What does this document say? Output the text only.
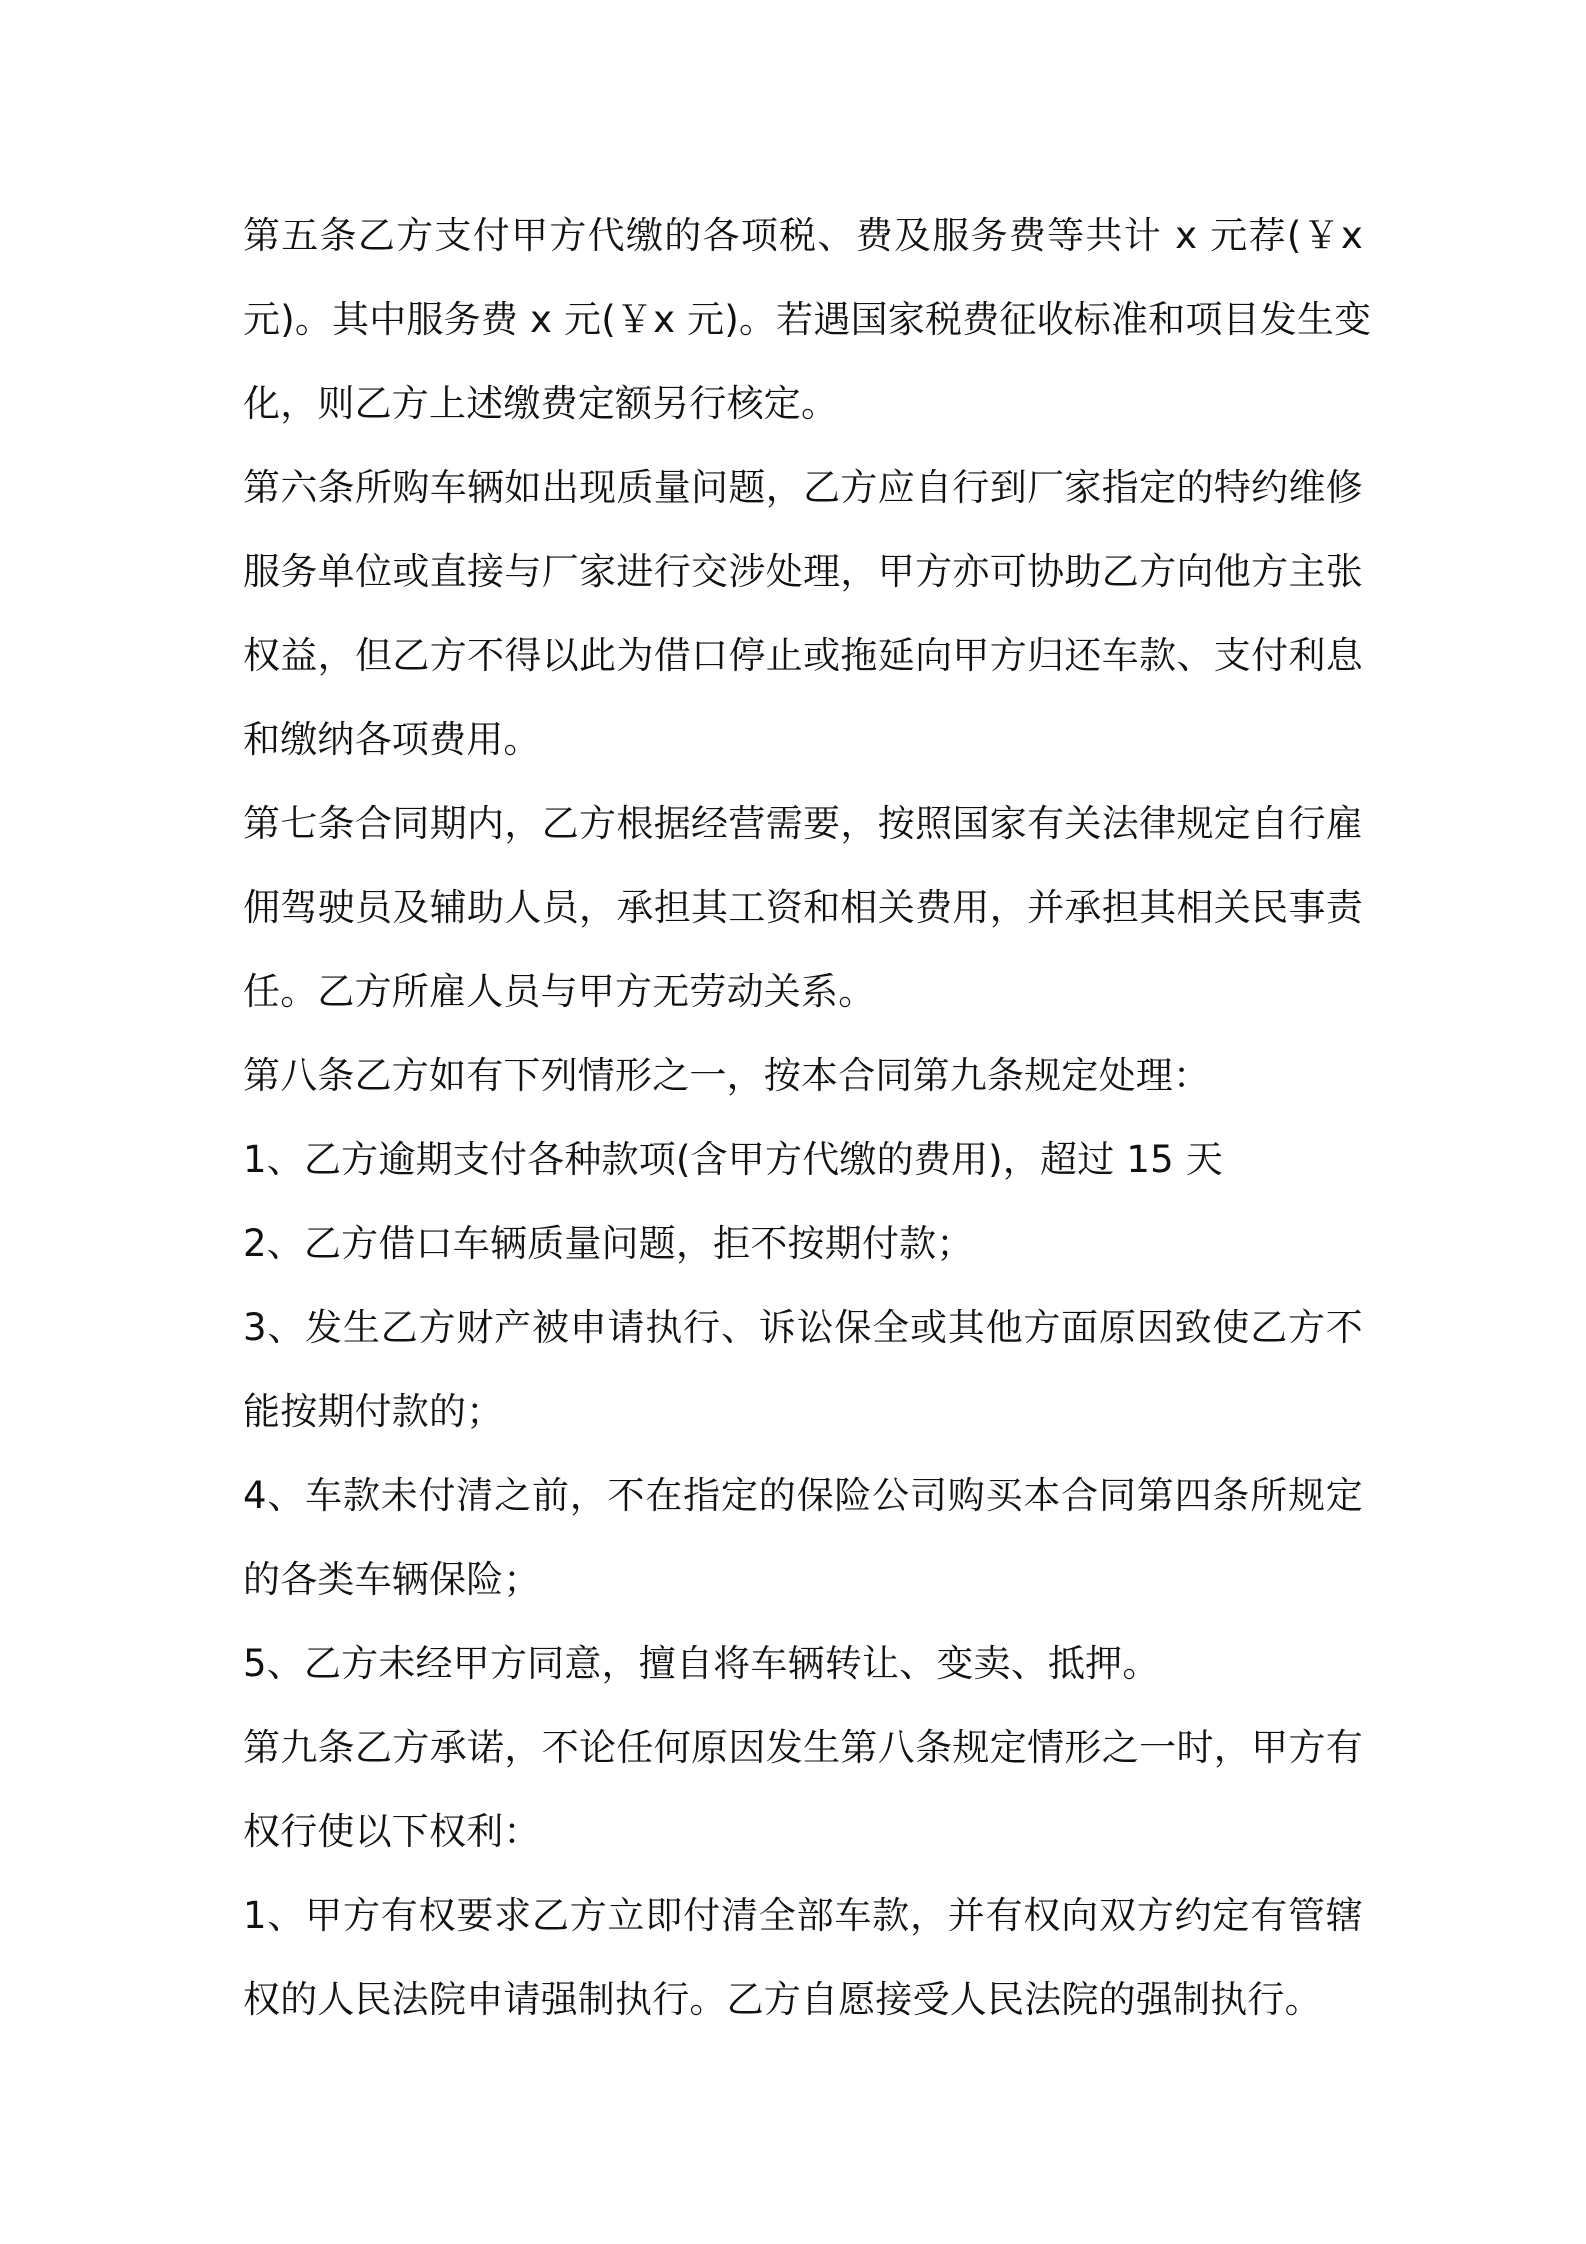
第五条乙方支付甲方代缴的各项税、费及服务费等共计 x 元荐(￥x
元)。其中服务费 x 元(￥x 元)。若遇国家税费征收标准和项目发生变
化，则乙方上述缴费定额另行核定。
第六条所购车辆如出现质量问题，乙方应自行到厂家指定的特约维修
服务单位或直接与厂家进行交涉处理，甲方亦可协助乙方向他方主张
权益，但乙方不得以此为借口停止或拖延向甲方归还车款、支付利息
和缴纳各项费用。
第七条合同期内，乙方根据经营需要，按照国家有关法律规定自行雇
佣驾驶员及辅助人员，承担其工资和相关费用，并承担其相关民事责
任。乙方所雇人员与甲方无劳动关系。
第八条乙方如有下列情形之一，按本合同第九条规定处理：
1、乙方逾期支付各种款项(含甲方代缴的费用)，超过 15 天
2、乙方借口车辆质量问题，拒不按期付款；
3、发生乙方财产被申请执行、诉讼保全或其他方面原因致使乙方不
能按期付款的；
4、车款未付清之前，不在指定的保险公司购买本合同第四条所规定
的各类车辆保险；
5、乙方未经甲方同意，擅自将车辆转让、变卖、抵押。
第九条乙方承诺，不论任何原因发生第八条规定情形之一时，甲方有
权行使以下权利：
1、甲方有权要求乙方立即付清全部车款，并有权向双方约定有管辖
权的人民法院申请强制执行。乙方自愿接受人民法院的强制执行。
